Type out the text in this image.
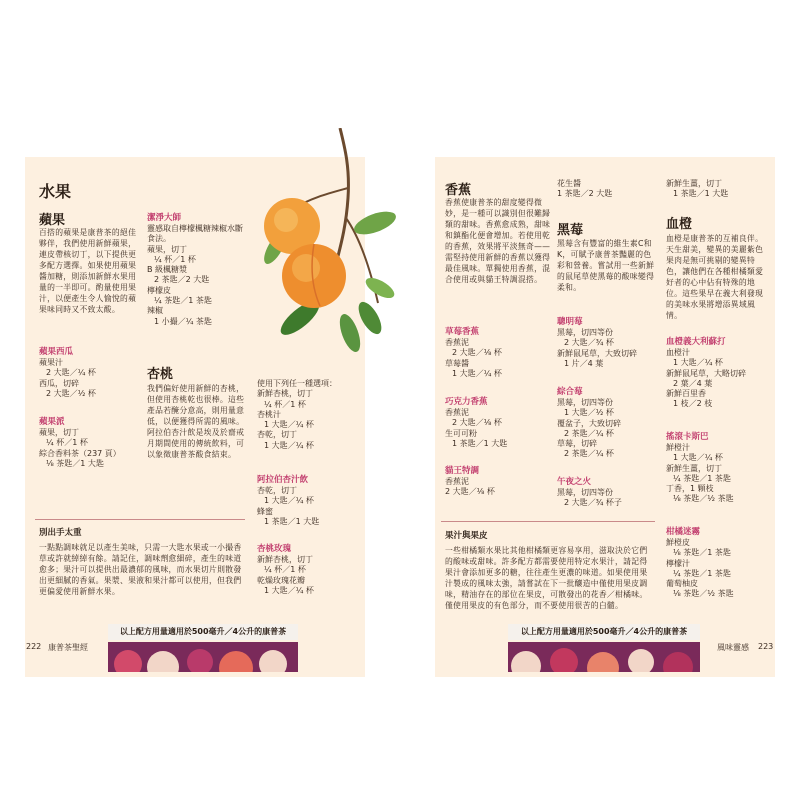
水果
蘋果
百搭的蘋果是康普茶的絕佳夥伴，我們使用新鮮蘋果，連皮帶核切丁，以下提供更多配方選擇。如果使用蘋果醬加糖，則添加新鮮水果用量的一半即可。酌量使用果汁，以便產生令人愉悅的蘋果味同時又不致太酸。
潔淨大師
靈感取自檸檬楓糖辣椒水斷食法。
蘋果，切丁
¼ 杯／1 杯
B 級楓糖漿
2 茶匙／2 大匙
檸檬皮
¼ 茶匙／1 茶匙
辣椒
1 小撮／¼ 茶匙
蘋果西瓜
蘋果汁
2 大匙／¼ 杯
西瓜，切碎
2 大匙／½ 杯
蘋果派
蘋果，切丁
¼ 杯／1 杯
綜合香料茶（237 頁）
⅛ 茶匙／1 大匙
杏桃
我們偏好使用新鮮的杏桃，但使用杏桃乾也很棒。這些產品若醃分意高，則用量意低，以便獲得所需的風味。阿拉伯杏汁飲是埃及於齋戒月期間使用的傳統飲料，可以象徵康普茶酸食結束。
使用下列任一種選項：
新鮮杏桃，切丁
¼ 杯／1 杯
杏桃汁
1 大匙／¼ 杯
杏乾，切丁
1 大匙／¼ 杯
阿拉伯杏汁飲
杏乾，切丁
1 大匙／¼ 杯
蜂蜜
1 茶匙／1 大匙
杏桃玫瑰
新鮮杏桃，切丁
¼ 杯／1 杯
乾燥玫瑰花瓣
1 大匙／¼ 杯
別出手太重
一點點調味就足以產生美味，只需一大匙水果或一小撮香草或許就綽綽有餘。請記住，調味劑愈細碎，產生的味道愈多；果汁可以提供出最濃郁的風味，而水果切片則散發出更細膩的香氣。果漿、果液和果汁都可以使用，但我們更偏愛使用新鮮水果。
以上配方用量適用於500毫升／4公升的康普茶
222 康普茶聖經
香蕉
香蕉使康普茶的甜度變得微妙，是一種可以識別但很難歸類的甜味。香蕉愈成熟，甜味和鎮酯化便會增加。若使用乾的香蕉，效果將平淡無奇——需堅持使用新鮮的香蕉以獲得最佳風味。單獨使用香蕉，混合使用或與貓王特調混搭。
草莓香蕉
香蕉泥
2 大匙／⅛ 杯
草莓醬
1 大匙／¼ 杯
巧克力香蕉
香蕉泥
2 大匙／⅛ 杯
生可可粉
1 茶匙／1 大匙
貓王特調
香蕉泥
2 大匙／⅛ 杯
花生醬
1 茶匙／2 大匙
黑莓
黑莓含有豐富的維生素C和K，可賦予康普茶豔麗的色彩和營養。嘗試用一些新鮮的鼠尾草使黑莓的酸味變得柔和。
聰明莓
黑莓，切四等份
2 大匙／¾ 杯
新鮮鼠尾草，大致切碎
1 片／4 葉
綜合莓
黑莓，切四等份
1 大匙／½ 杯
覆盆子，大致切碎
2 茶匙／¼ 杯
草莓，切碎
2 茶匙／¼ 杯
午夜之火
黑莓，切四等份
2 大匙／¾ 杯子
新鮮生薑，切丁
1 茶匙／1 大匙
血橙
血橙是康普茶的互補良伴。天生甜美，變異的美麗紫色果肉是無可挑剔的變異特色，讓他們在各種柑橘類愛好者的心中佔有特殊的地位。這些果早在義大利發現的美味水果將增添異域風情。
血橙義大利蘇打
血橙汁
1 大匙／¼ 杯
新鮮鼠尾草，大略切碎
2 葉／4 葉
新鮮百里香
1 枝／2 枝
搖滾卡斯巴
鮮橙汁
1 大匙／¼ 杯
新鮮生薑，切丁
¼ 茶匙／1 茶匙
丁香，1 顆枝
⅛ 茶匙／½ 茶匙
柑橘迷霧
鮮橙皮
⅛ 茶匙／1 茶匙
檸檬汁
¼ 茶匙／1 茶匙
葡萄柚皮
⅛ 茶匙／½ 茶匙
果汁與果皮
一些柑橘類水果比其他柑橘類更容易享用，滋取決於它們的酸味或甜味。許多配方都需要使用特定水果汁，請記得果汁會添加更多的糖，往往產生更濃的味道。如果使用果汁製成的風味太強，請嘗試在下一批釀造中僅使用果皮調味，精油存在的部位在果皮，可散發出的花香／柑橘味。僅使用果皮的有色部分，而不要使用很苦的白髓。
以上配方用量適用於500毫升／4公升的康普茶
風味靈感 223
